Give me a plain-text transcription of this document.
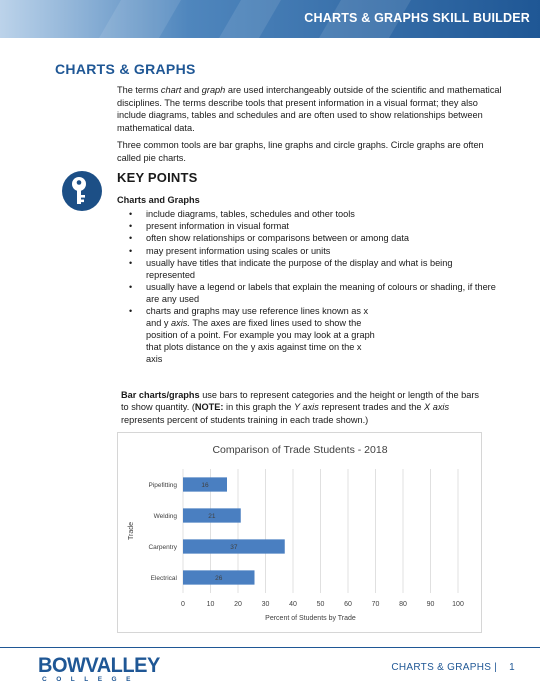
CHARTS & GRAPHS SKILL BUILDER
CHARTS & GRAPHS

The terms chart and graph are used interchangeably outside of the scientific and mathematical disciplines. The terms describe tools that present information in a visual format; they also include diagrams, tables and schedules and are often used to show relationships between mathematical data.

Three common tools are bar graphs, line graphs and circle graphs. Circle graphs are often called pie charts.

KEY POINTS
Charts and Graphs
• include diagrams, tables, schedules and other tools
• present information in visual format
• often show relationships or comparisons between or among data
• may present information using scales or units
• usually have titles that indicate the purpose of the display and what is being represented
• usually have a legend or labels that explain the meaning of colours or shading, if there are any used
• charts and graphs may use reference lines known as x and y axis. The axes are fixed lines used to show the position of a point. For example you may look at a graph that plots distance on the y axis against time on the x axis

Bar charts/graphs use bars to represent categories and the height or length of the bars to show quantity. (NOTE: in this graph the Y axis represent trades and the X axis represents percent of students training in each trade shown.)

Comparison of Trade Students - 2018
0	10	20	30	40	50	60	70	80	90	100
Pipefitting	16
Welding	21
Carpentry	37
Electrical	26
Percent of Students by Trade
Trade
BOWVALLEY
COLLEGE
CHARTS & GRAPHS | 1
